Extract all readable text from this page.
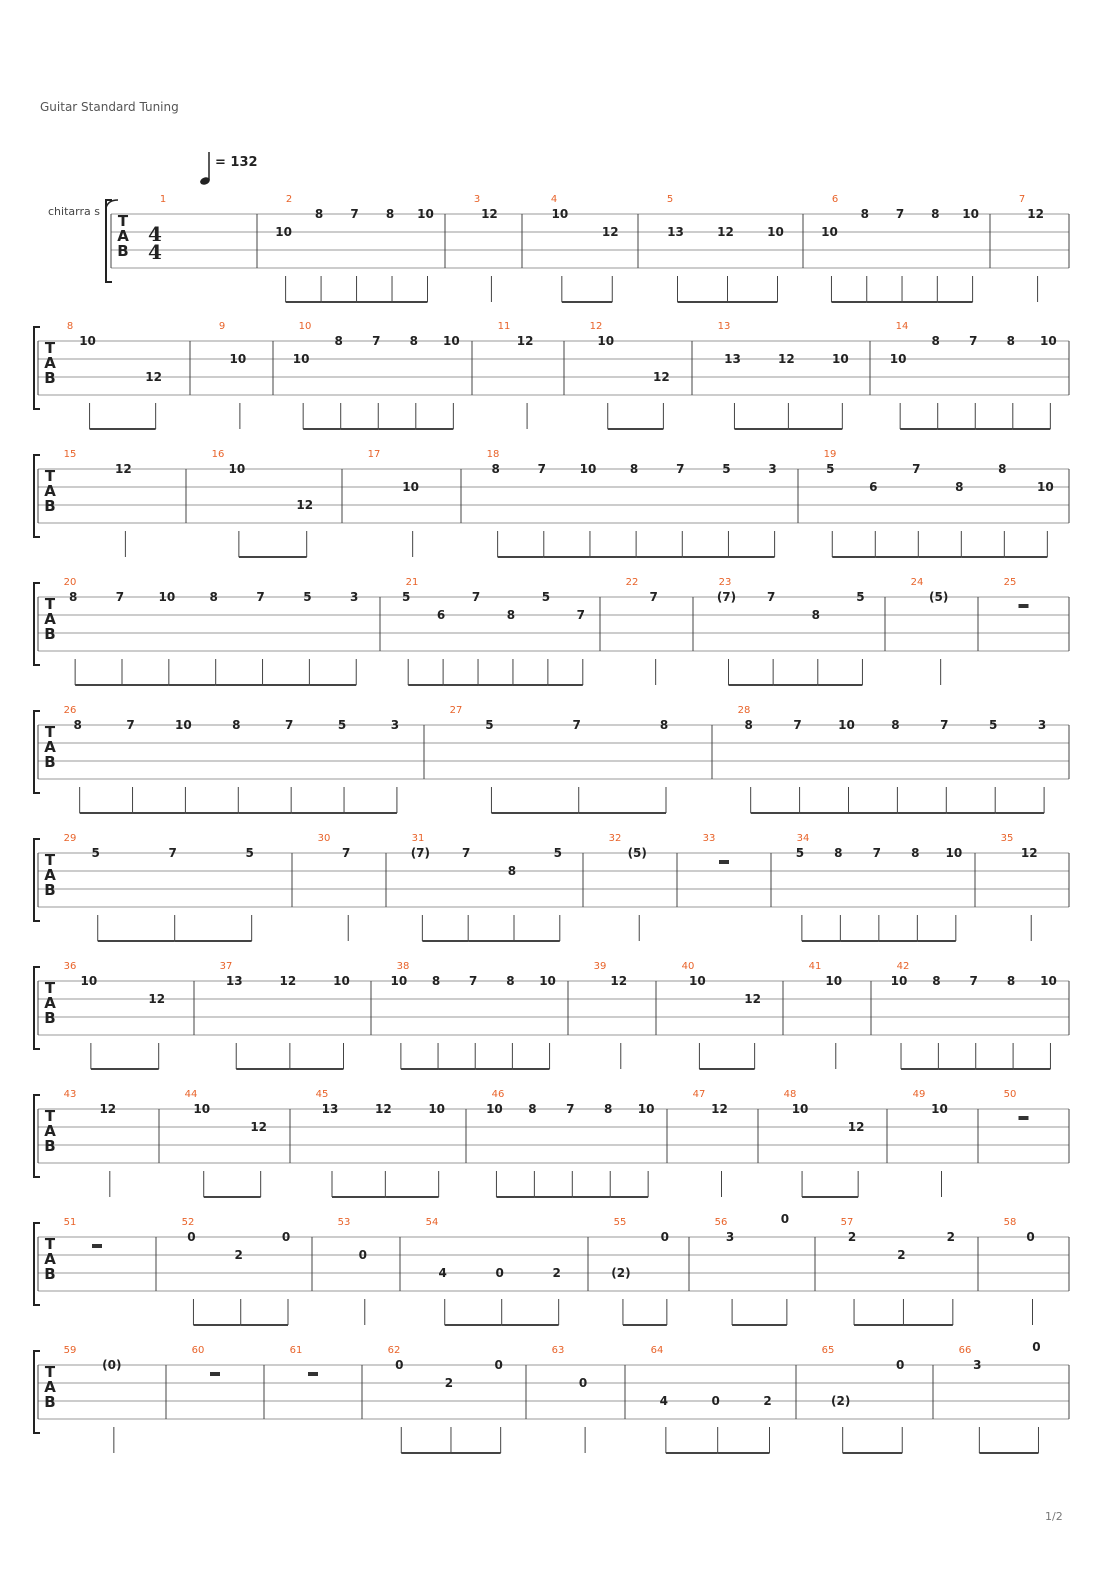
Guitar Standard Tuning
= 132
chitarra s
T
A
B
4
4
1	2
10
8 7 8 10
3
12
4
10
12
5
13	12	10
6
10
8 7 8 10
7
12
T
A
B
8
10
12
9
10
10
10
8 7 8 10
11
12
12
10
12
13
13	12	10
14
10
8 7 8 10
T
A
B
15
12
16
10
12
17
10
18
8	7	10	8	7	5	3
19
5
6
7
8
8
10
T
A
B
20
8	7	10	8	7	5	3
21
5
6
7
8
5
7
22
7
23
(7)	7
8
5
24
(5)
25
T
A
B
26
8	7	10	8	7	5	3
27
5	7	8
28
8	7	10	8	7	5	3
T
A
B
29
5	7	5
30
7
31
(7)	7
8
5
32
(5)
33	34
5	8	7	8 10
35
12
T
A
B
36
10
12
37
13	12	10
38
10 8 7 8 10
39
12
40
10
12
41
10
42
10 8 7 8 10
T
A
B
43
12
44
10
12
45
13	12	10
46
10 8 7 8 10
47
12
48
10
12
49
10
50
T
A
B
51	52
0
2
0
53
0
54
4	0	2
55
(2)
0
56
3
0	57
2
2
2
58
0
T
A
B
59
(0)
60	61	62
0
2
0
63
0
64
4	0	2
65
(2)
0
66
3
0
1/2
